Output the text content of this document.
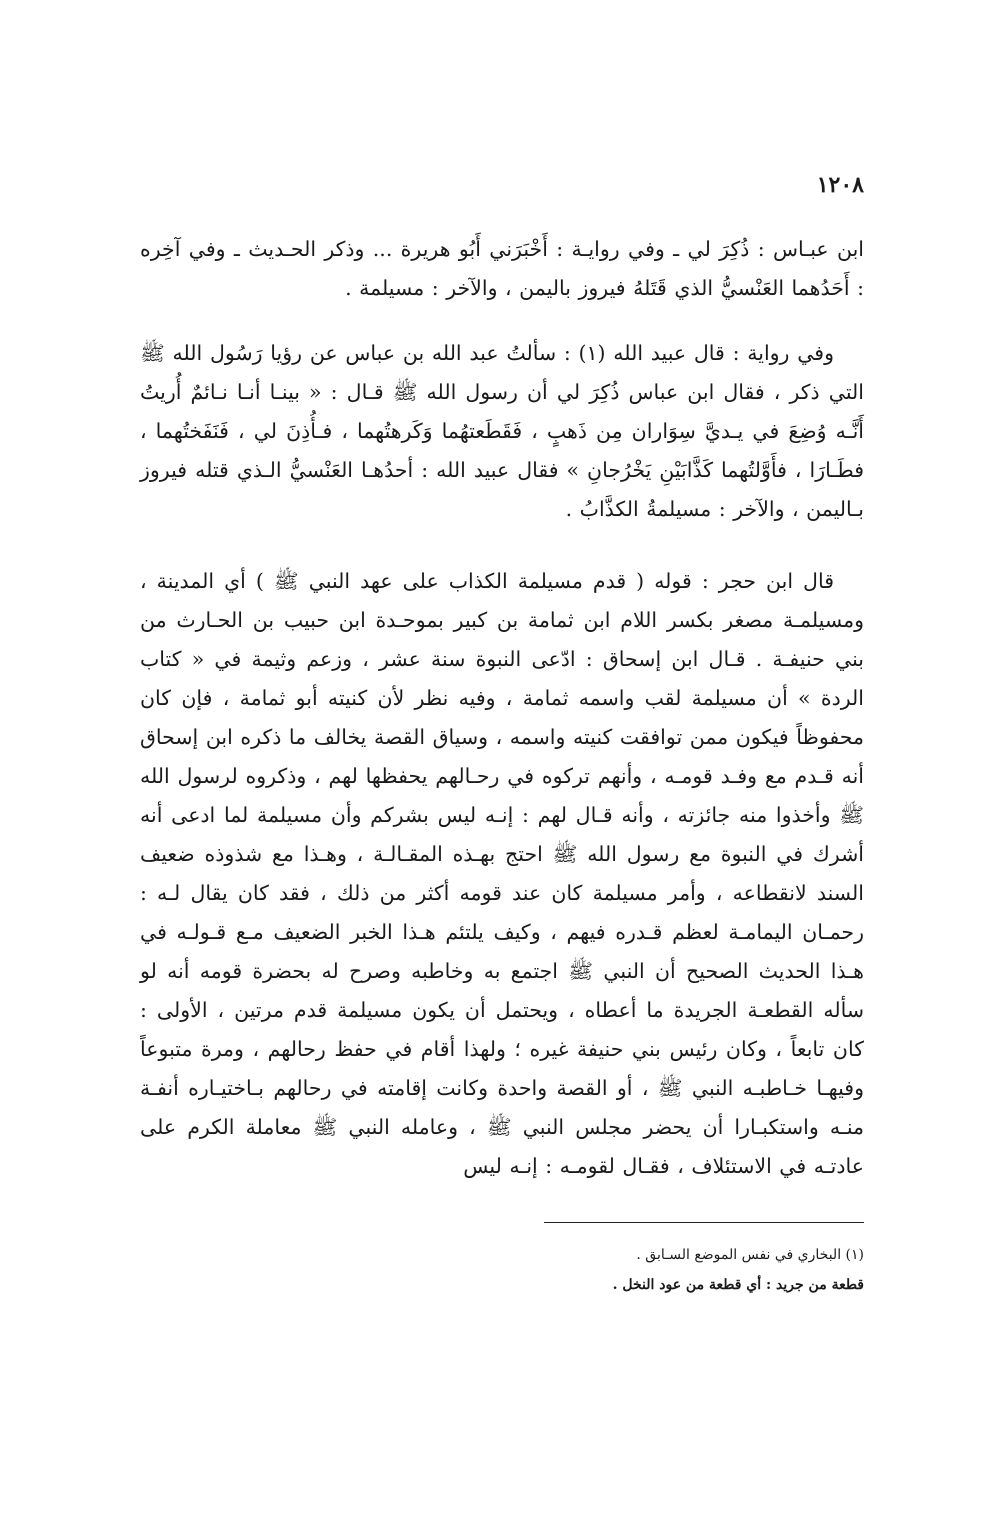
١٢٠٨

ابن عبـاس : ذُكِرَ لي ـ وفي روايـة : أَخْبَرَني أَبُو هريرة ... وذكر الحـديث ـ وفي آخِره : أَحَدُهما العَنْسيُّ الذي قَتَلهُ فيروز باليمن ، والآخر : مسيلمة .

وفي رواية : قال عبيد الله (١) : سألتُ عبد الله بن عباس عن رؤيا رَسُول الله ﷺ التي ذكر ، فقال ابن عباس ذُكِرَ لي أن رسول الله ﷺ قـال : « بينـا أنـا نـائمٌ أُريتُ أَنَّـه وُضِعَ في يـديَّ سِوَاران مِن ذَهبٍ ، فَقَطَعتهُما وَكَرهتُهما ، فـأُذِنَ لي ، فَنَفَختُهما ، فطَـارَا ، فأَوَّلتُهما كَذَّابَيْنِ يَخْرُجانِ » فقال عبيد الله : أحدُهـا العَنْسيُّ الـذي قتله فيروز بـاليمن ، والآخر : مسيلمةُ الكذَّابُ .

قال ابن حجر : قوله ( قدم مسيلمة الكذاب على عهد النبي ﷺ ) أي المدينة ، ومسيلمـة مصغر بكسر اللام ابن ثمامة بن كبير بموحـدة ابن حبيب بن الحـارث من بني حنيفـة . قـال ابن إسحاق : ادّعى النبوة سنة عشر ، وزعم وثيمة في « كتاب الردة » أن مسيلمة لقب واسمه ثمامة ، وفيه نظر لأن كنيته أبو ثمامة ، فإن كان محفوظاً فيكون ممن توافقت كنيته واسمه ، وسياق القصة يخالف ما ذكره ابن إسحاق أنه قـدم مع وفـد قومـه ، وأنهم تركوه في رحـالهم يحفظها لهم ، وذكروه لرسول الله ﷺ وأخذوا منه جائزته ، وأنه قـال لهم : إنـه ليس بشركم وأن مسيلمة لما ادعى أنه أشرك في النبوة مع رسول الله ﷺ احتج بهـذه المقـالـة ، وهـذا مع شذوذه ضعيف السند لانقطاعه ، وأمر مسيلمة كان عند قومه أكثر من ذلك ، فقد كان يقال لـه : رحمـان اليمامـة لعظم قـدره فيهم ، وكيف يلتئم هـذا الخبر الضعيف مـع قـولـه في هـذا الحديث الصحيح أن النبي ﷺ اجتمع به وخاطبه وصرح له بحضرة قومه أنه لو سأله القطعـة الجريدة ما أعطاه ، ويحتمل أن يكون مسيلمة قدم مرتين ، الأولى : كان تابعاً ، وكان رئيس بني حنيفة غيره ؛ ولهذا أقام في حفظ رحالهم ، ومرة متبوعاً وفيهـا خـاطبـه النبي ﷺ ، أو القصة واحدة وكانت إقامته في رحالهم بـاختيـاره أنفـة منـه واستكبـارا أن يحضر مجلس النبي ﷺ ، وعامله النبي ﷺ معاملة الكرم على عادتـه في الاستئلاف ، فقـال لقومـه : إنـه ليس

(١) البخاري في نفس الموضع السـابق .

قطعة من جريد : أي قطعة من عود النخل .
